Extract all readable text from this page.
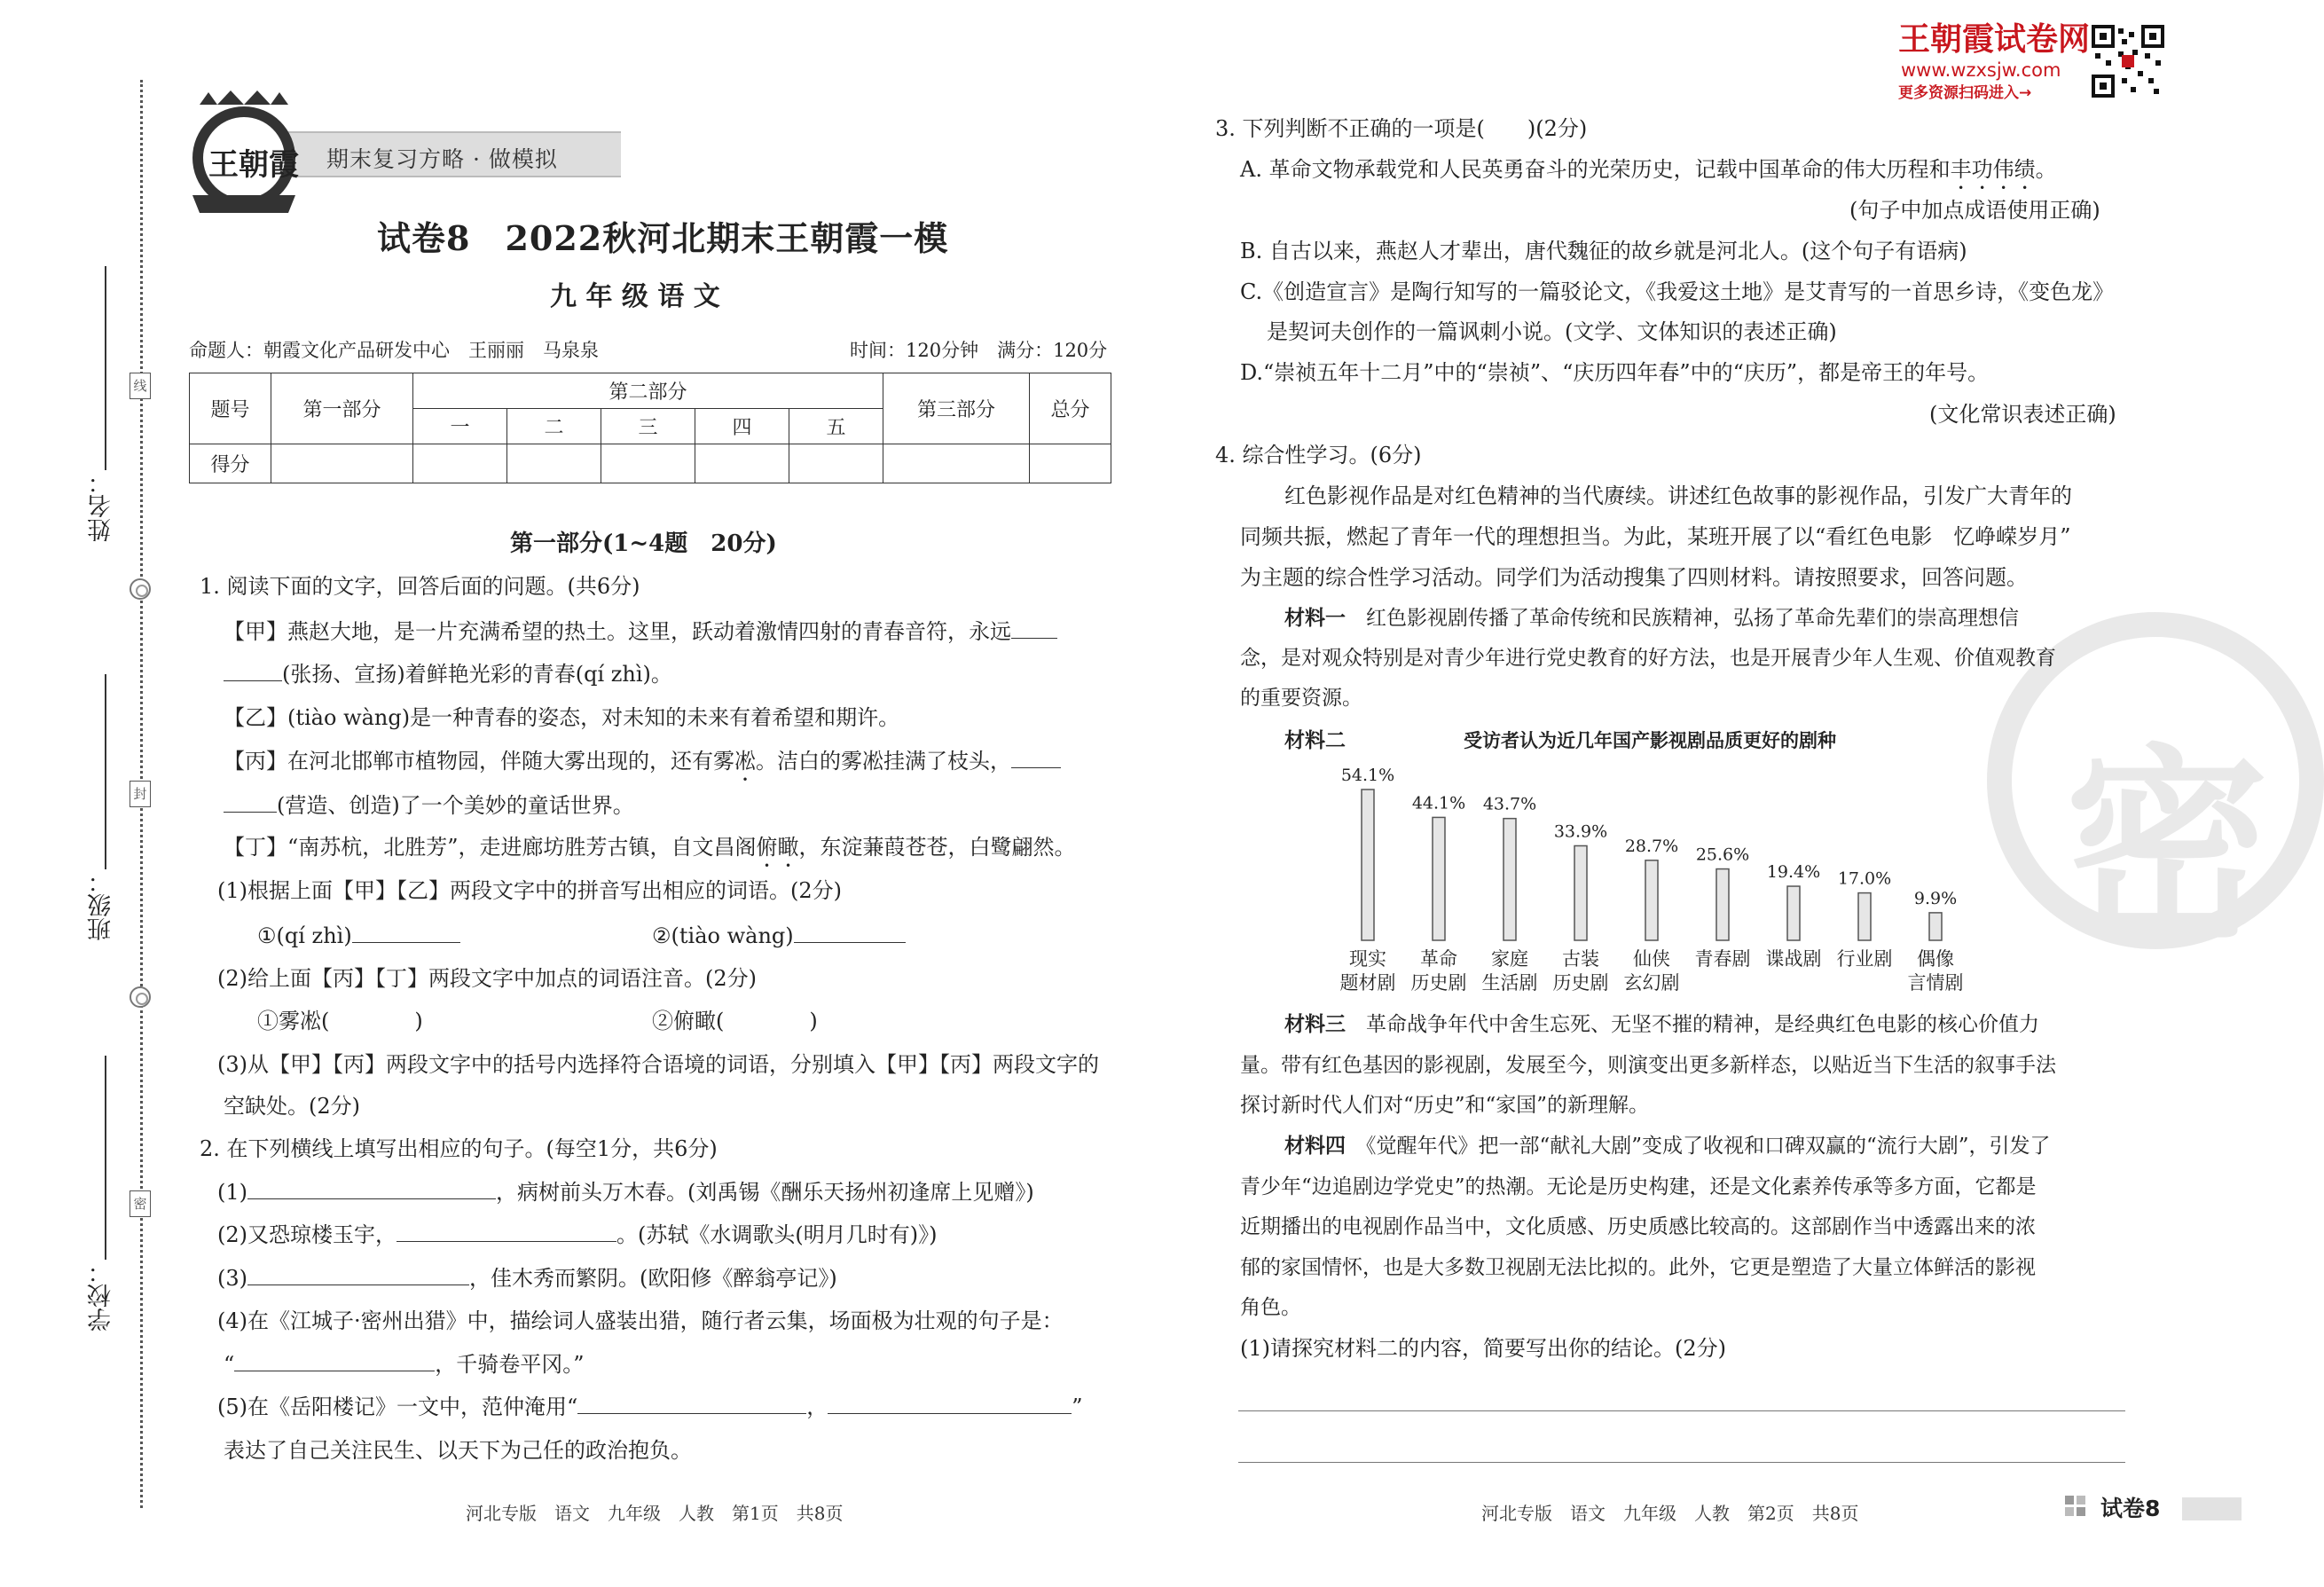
姓名：
班级：
学校：
线
封
密
期末复习方略 · 做模拟
王朝霞
试卷8　2022秋河北期末王朝霞一模
九 年 级 语 文
命题人：朝霞文化产品研发中心　王丽丽　马泉泉	时间：120分钟　满分：120分
题号	第一部分	第二部分					第三部分	总分
		一	二	三	四	五		
得分								
第一部分(1~4题　20分)
1. 阅读下面的文字，回答后面的问题。(共6分)
【甲】燕赵大地，是一片充满希望的热土。这里，跃动着激情四射的青春音符，永远
(张扬、宣扬)着鲜艳光彩的青春(qí zhì)。
【乙】(tiào wàng)是一种青春的姿态，对未知的未来有着希望和期许。
【丙】在河北邯郸市植物园，伴随大雾出现的，还有雾凇。洁白的雾凇挂满了枝头，
(营造、创造)了一个美妙的童话世界。
【丁】“南苏杭，北胜芳”，走进廊坊胜芳古镇，自文昌阁俯瞰，东淀蒹葭苍苍，白鹭翩然。
(1)根据上面【甲】【乙】两段文字中的拼音写出相应的词语。(2分)
①(qí zhì)	②(tiào wàng)
(2)给上面【丙】【丁】两段文字中加点的词语注音。(2分)
①雾凇(　　　　)	②俯瞰(　　　　)
(3)从【甲】【丙】两段文字中的括号内选择符合语境的词语，分别填入【甲】【丙】两段文字的
空缺处。(2分)
2. 在下列横线上填写出相应的句子。(每空1分，共6分)
(1)	，病树前头万木春。(刘禹锡《酬乐天扬州初逢席上见赠》)
(2)又恐琼楼玉宇，	。(苏轼《水调歌头(明月几时有)》)
(3)	，佳木秀而繁阴。(欧阳修《醉翁亭记》)
(4)在《江城子·密州出猎》中，描绘词人盛装出猎，随行者云集，场面极为壮观的句子是：
“	，千骑卷平冈。”
(5)在《岳阳楼记》一文中，范仲淹用“	，	”
表达了自己关注民生、以天下为己任的政治抱负。
河北专版　语文　九年级　人教　第1页　共8页
密
王朝霞试卷网
www.wzxsjw.com
更多资源扫码进入→
3. 下列判断不正确的一项是(　　)(2分)
A. 革命文物承载党和人民英勇奋斗的光荣历史，记载中国革命的伟大历程和丰功伟绩。
(句子中加点成语使用正确)
B. 自古以来，燕赵人才辈出，唐代魏征的故乡就是河北人。(这个句子有语病)
C.《创造宣言》是陶行知写的一篇驳论文，《我爱这土地》是艾青写的一首思乡诗，《变色龙》
是契诃夫创作的一篇讽刺小说。(文学、文体知识的表述正确)
D.“崇祯五年十二月”中的“崇祯”、“庆历四年春”中的“庆历”，都是帝王的年号。
(文化常识表述正确)
4. 综合性学习。(6分)
红色影视作品是对红色精神的当代赓续。讲述红色故事的影视作品，引发广大青年的
同频共振，燃起了青年一代的理想担当。为此，某班开展了以“看红色电影　忆峥嵘岁月”
为主题的综合性学习活动。同学们为活动搜集了四则材料。请按照要求，回答问题。
材料一　 红色影视剧传播了革命传统和民族精神，弘扬了革命先辈们的崇高理想信
念，是对观众特别是对青少年进行党史教育的好方法，也是开展青少年人生观、价值观教育
的重要资源。
材料二	受访者认为近几年国产影视剧品质更好的剧种
54.1%
现实
题材剧
44.1%
革命
历史剧
43.7%
家庭
生活剧
33.9%
古装
历史剧
28.7%
仙侠
玄幻剧
25.6%
青春剧
19.4%
谍战剧
17.0%
行业剧
9.9%
偶像
言情剧
材料三　 革命战争年代中舍生忘死、无坚不摧的精神，是经典红色电影的核心价值力
量。带有红色基因的影视剧，发展至今，则演变出更多新样态，以贴近当下生活的叙事手法
探讨新时代人们对“历史”和“家国”的新理解。
材料四　 《觉醒年代》把一部“献礼大剧”变成了收视和口碑双赢的“流行大剧”，引发了
青少年“边追剧边学党史”的热潮。无论是历史构建，还是文化素养传承等多方面，它都是
近期播出的电视剧作品当中，文化质感、历史质感比较高的。这部剧作当中透露出来的浓
郁的家国情怀，也是大多数卫视剧无法比拟的。此外，它更是塑造了大量立体鲜活的影视
角色。
(1)请探究材料二的内容，简要写出你的结论。(2分)
河北专版　语文　九年级　人教　第2页　共8页	试卷8
